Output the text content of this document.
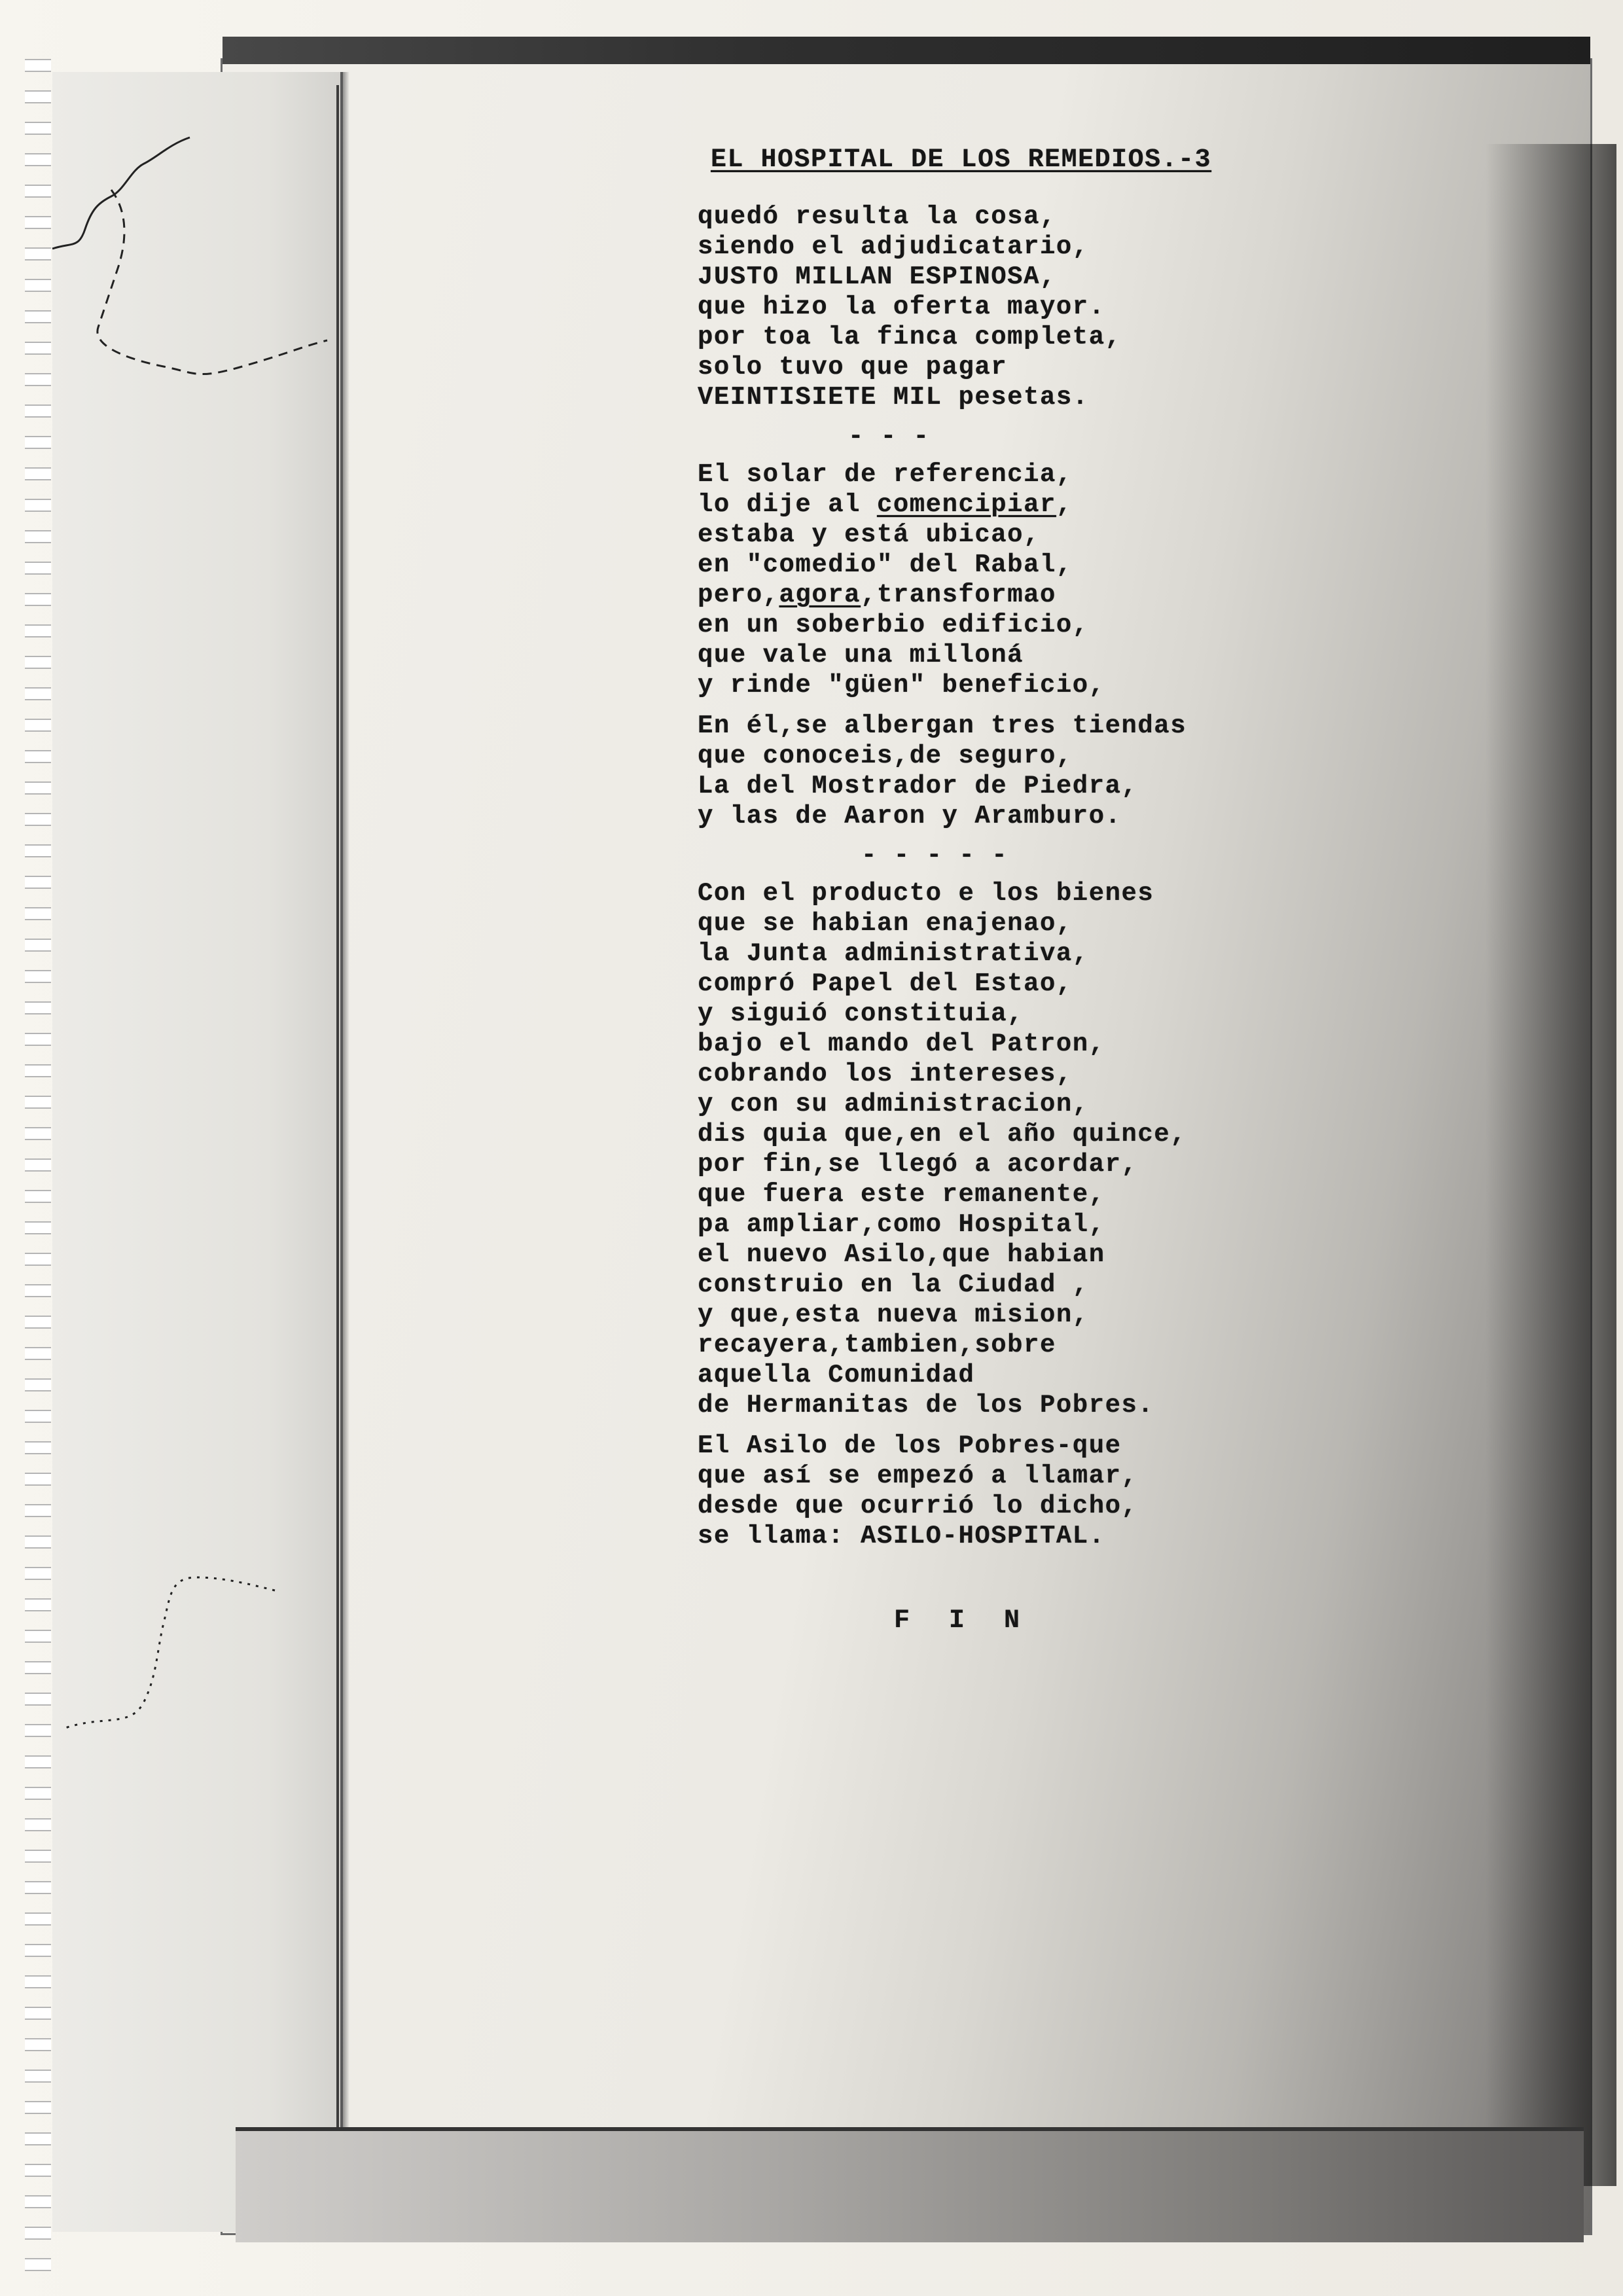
EL HOSPITAL DE LOS REMEDIOS.-3
quedó resulta la cosa,
siendo el adjudicatario,
JUSTO MILLAN ESPINOSA,
que hizo la oferta mayor.
por toa la finca completa,
solo tuvo que pagar
VEINTISIETE MIL pesetas.
- - -
El solar de referencia,
lo dije al comencipiar,
estaba y está ubicao,
en "comedio" del Rabal,
pero,agora,transformao
en un soberbio edificio,
que vale una milloná
y rinde "güen" beneficio,
En él,se albergan tres tiendas
que conoceis,de seguro,
La del Mostrador de Piedra,
y las de Aaron y Aramburo.
- - - - -
Con el producto e los bienes
que se habian enajenao,
la Junta administrativa,
compró Papel del Estao,
y siguió constituia,
bajo el mando del Patron,
cobrando los intereses,
y con su administracion,
dis quia que,en el año quince,
por fin,se llegó a acordar,
que fuera este remanente,
pa ampliar,como Hospital,
el nuevo Asilo,que habian
construio en la Ciudad ,
y que,esta nueva mision,
recayera,tambien,sobre
aquella Comunidad
de Hermanitas de los Pobres.
El Asilo de los Pobres-que
que así se empezó a llamar,
desde que ocurrió lo dicho,
se llama: ASILO-HOSPITAL.
F I N
